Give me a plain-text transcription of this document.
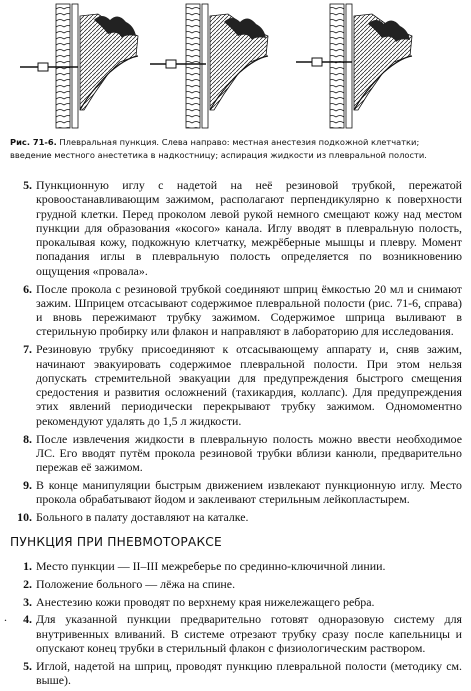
Рис. 71-6. Плевральная пункция. Слева направо: местная анестезия подкожной клетчатки; введение местного анестетика в надкостницу; аспирация жидкости из плевральной полости.
5. Пункционную иглу с надетой на неё резиновой трубкой, пережатой кровоостанавливающим зажимом, располагают перпендикулярно к поверхности грудной клетки. Перед проколом левой рукой немного смещают кожу над местом пункции для образования «косого» канала. Иглу вводят в плевральную полость, прокалывая кожу, подкожную клетчатку, межрёберные мышцы и плевру. Момент попадания иглы в плевральную полость определяется по возникновению ощущения «провала».
6. После прокола с резиновой трубкой соединяют шприц ёмкостью 20 мл и снимают зажим. Шприцем отсасывают содержимое плевральной полости (рис. 71-6, справа) и вновь пережимают трубку зажимом. Содержимое шприца выливают в стерильную пробирку или флакон и направляют в лабораторию для исследования.
7. Резиновую трубку присоединяют к отсасывающему аппарату и, сняв зажим, начинают эвакуировать содержимое плевральной полости. При этом нельзя допускать стремительной эвакуации для предупреждения быстрого смещения средостения и развития осложнений (тахикардия, коллапс). Для предупреждения этих явлений периодически перекрывают трубку зажимом. Одномоментно рекомендуют удалять до 1,5 л жидкости.
8. После извлечения жидкости в плевральную полость можно ввести необходимое ЛС. Его вводят путём прокола резиновой трубки вблизи канюли, предварительно пережав её зажимом.
9. В конце манипуляции быстрым движением извлекают пункционную иглу. Место прокола обрабатывают йодом и заклеивают стерильным лейкопластырем.
10. Больного в палату доставляют на каталке.
ПУНКЦИЯ ПРИ ПНЕВМОТОРАКСЕ
.
1. Место пункции — II–III межреберье по срединно-ключичной линии.
2. Положение больного — лёжа на спине.
3. Анестезию кожи проводят по верхнему края нижележащего ребра.
4. Для указанной пункции предварительно готовят одноразовую систему для внутривенных вливаний. В системе отрезают трубку сразу после капельницы и опускают конец трубки в стерильный флакон с физиологическим раствором.
5. Иглой, надетой на шприц, проводят пункцию плевральной полости (методику см. выше).
